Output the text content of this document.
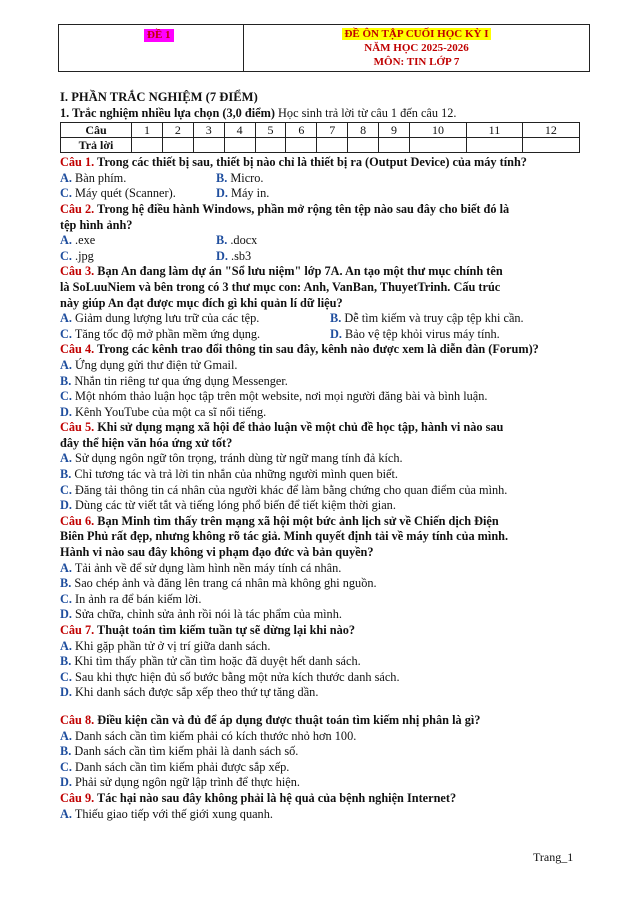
ĐỀ 1	ĐỀ ÔN TẬP CUỐI HỌC KỲ I
NĂM HỌC 2025-2026
MÔN: TIN LỚP 7
I. PHẦN TRẮC NGHIỆM (7 ĐIỂM)
1. Trắc nghiệm nhiều lựa chọn (3,0 điểm) Học sinh trả lời từ câu 1 đến câu 12.
Câu	1	2	3	4	5	6	7	8	9	10	11	12
Trả lời												
Câu 1. Trong các thiết bị sau, thiết bị nào chỉ là thiết bị ra (Output Device) của máy tính?
A. Bàn phím.	B. Micro.
C. Máy quét (Scanner).	D. Máy in.
Câu 2. Trong hệ điều hành Windows, phần mở rộng tên tệp nào sau đây cho biết đó là
tệp hình ảnh?
A. .exe	B. .docx
C. .jpg	D. .sb3
Câu 3. Bạn An đang làm dự án "Sổ lưu niệm" lớp 7A. An tạo một thư mục chính tên
là SoLuuNiem và bên trong có 3 thư mục con: Anh, VanBan, ThuyetTrinh. Cấu trúc
này giúp An đạt được mục đích gì khi quản lí dữ liệu?
A. Giảm dung lượng lưu trữ của các tệp.	B. Dễ tìm kiếm và truy cập tệp khi cần.
C. Tăng tốc độ mở phần mềm ứng dụng.	D. Bảo vệ tệp khỏi virus máy tính.
Câu 4. Trong các kênh trao đổi thông tin sau đây, kênh nào được xem là diễn đàn (Forum)?
A. Ứng dụng gửi thư điện tử Gmail.
B. Nhắn tin riêng tư qua ứng dụng Messenger.
C. Một nhóm thảo luận học tập trên một website, nơi mọi người đăng bài và bình luận.
D. Kênh YouTube của một ca sĩ nổi tiếng.
Câu 5. Khi sử dụng mạng xã hội để thảo luận về một chủ đề học tập, hành vi nào sau
đây thể hiện văn hóa ứng xử tốt?
A. Sử dụng ngôn ngữ tôn trọng, tránh dùng từ ngữ mang tính đả kích.
B. Chỉ tương tác và trả lời tin nhắn của những người mình quen biết.
C. Đăng tải thông tin cá nhân của người khác để làm bằng chứng cho quan điểm của mình.
D. Dùng các từ viết tắt và tiếng lóng phổ biến để tiết kiệm thời gian.
Câu 6. Bạn Minh tìm thấy trên mạng xã hội một bức ảnh lịch sử về Chiến dịch Điện
Biên Phủ rất đẹp, nhưng không rõ tác giả. Minh quyết định tải về máy tính của mình.
Hành vi nào sau đây không vi phạm đạo đức và bản quyền?
A. Tải ảnh về để sử dụng làm hình nền máy tính cá nhân.
B. Sao chép ảnh và đăng lên trang cá nhân mà không ghi nguồn.
C. In ảnh ra để bán kiếm lời.
D. Sửa chữa, chỉnh sửa ảnh rồi nói là tác phẩm của mình.
Câu 7. Thuật toán tìm kiếm tuần tự sẽ dừng lại khi nào?
A. Khi gặp phần tử ở vị trí giữa danh sách.
B. Khi tìm thấy phần tử cần tìm hoặc đã duyệt hết danh sách.
C. Sau khi thực hiện đủ số bước bằng một nửa kích thước danh sách.
D. Khi danh sách được sắp xếp theo thứ tự tăng dần.
Câu 8. Điều kiện cần và đủ để áp dụng được thuật toán tìm kiếm nhị phân là gì?
A. Danh sách cần tìm kiếm phải có kích thước nhỏ hơn 100.
B. Danh sách cần tìm kiếm phải là danh sách số.
C. Danh sách cần tìm kiếm phải được sắp xếp.
D. Phải sử dụng ngôn ngữ lập trình để thực hiện.
Câu 9. Tác hại nào sau đây không phải là hệ quả của bệnh nghiện Internet?
A. Thiếu giao tiếp với thế giới xung quanh.
Trang_1
